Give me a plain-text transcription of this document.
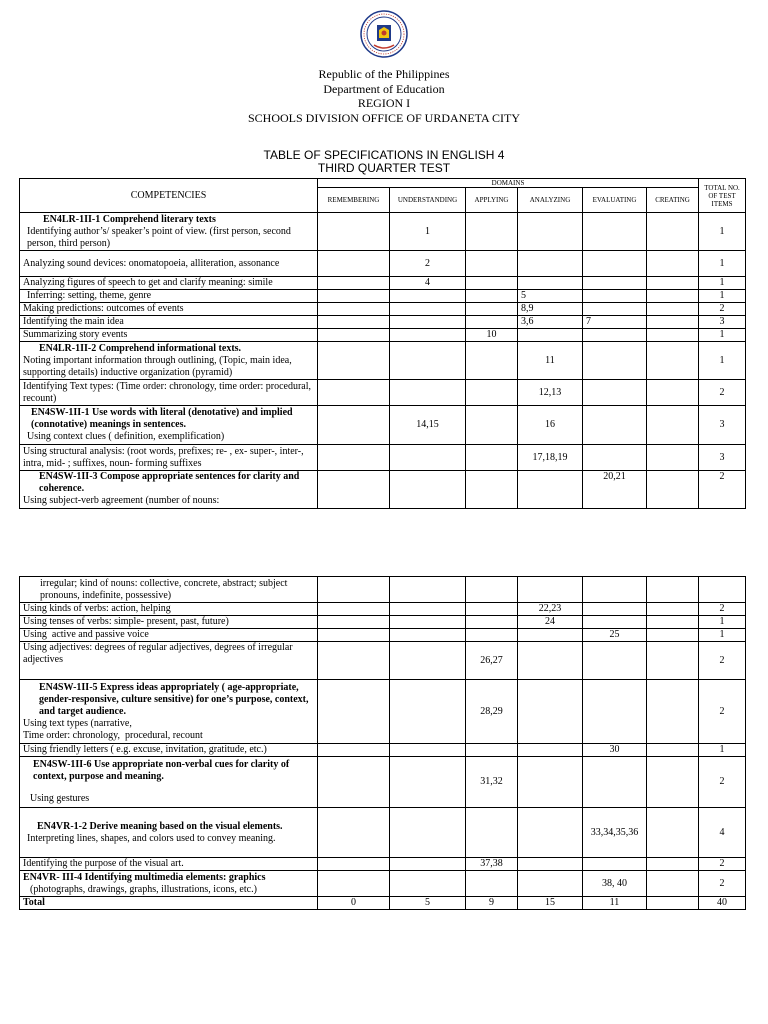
Republic of the Philippines
Department of Education
REGION I
SCHOOLS DIVISION OFFICE OF URDANETA CITY
TABLE OF SPECIFICATIONS IN ENGLISH 4
THIRD QUARTER TEST
COMPETENCIES	DOMAINS						TOTAL NO. OF TEST ITEMS
	REMEMBERING	UNDERSTANDING	APPLYING	ANALYZING	EVALUATING	CREATING	

EN4LR-1II-1 Comprehend literary texts
Identifying author’s/ speaker’s point of view. (first person, second person, third person)		1					1
Analyzing sound devices: onomatopoeia, alliteration, assonance		2					1
Analyzing figures of speech to get and clarify meaning: simile		4					1
Inferring: setting, theme, genre				5			1
Making predictions: outcomes of events				8,9			2
Identifying the main idea				3,6	7		3
Summarizing story events			10				1

EN4LR-1II-2 Comprehend informational texts.
Noting important information through outlining, (Topic, main idea, supporting details) inductive organization (pyramid)				11			1
Identifying Text types: (Time order: chronology, time order: procedural, recount)				12,13			2

EN4SW-1II-1 Use words with literal (denotative) and implied (connotative) meanings in sentences.
Using context clues ( definition, exemplification)		14,15		16			3
Using structural analysis: (root words, prefixes; re- , ex- super-, inter-, intra, mid- ; suffixes, noun- forming suffixes				17,18,19			3

EN4SW-1II-3 Compose appropriate sentences for clarity and coherence.
Using subject-verb agreement (number of nouns:					20,21		2
irregular; kind of nouns: collective, concrete, abstract; subject pronouns, indefinite, possessive)							
Using kinds of verbs: action, helping				22,23			2
Using tenses of verbs: simple- present, past, future)				24			1
Using  active and passive voice					25		1
Using adjectives: degrees of regular adjectives, degrees of irregular adjectives			26,27				2

EN4SW-1II-5 Express ideas appropriately ( age-appropriate, gender-responsive, culture sensitive) for one’s purpose, context, and target audience.
Using text types (narrative,
Time order: chronology,  procedural, recount			28,29				2
Using friendly letters ( e.g. excuse, invitation, gratitude, etc.)					30		1

EN4SW-1II-6 Use appropriate non-verbal cues for clarity of context, purpose and meaning.
Using gestures			31,32				2

EN4VR-1-2 Derive meaning based on the visual elements.
Interpreting lines, shapes, and colors used to convey meaning.					33,34,35,36		4
Identifying the purpose of the visual art.			37,38				2

EN4VR- III-4 Identifying multimedia elements: graphics
(photographs, drawings, graphs, illustrations, icons, etc.)					38, 40		2
Total	0	5	9	15	11		40
